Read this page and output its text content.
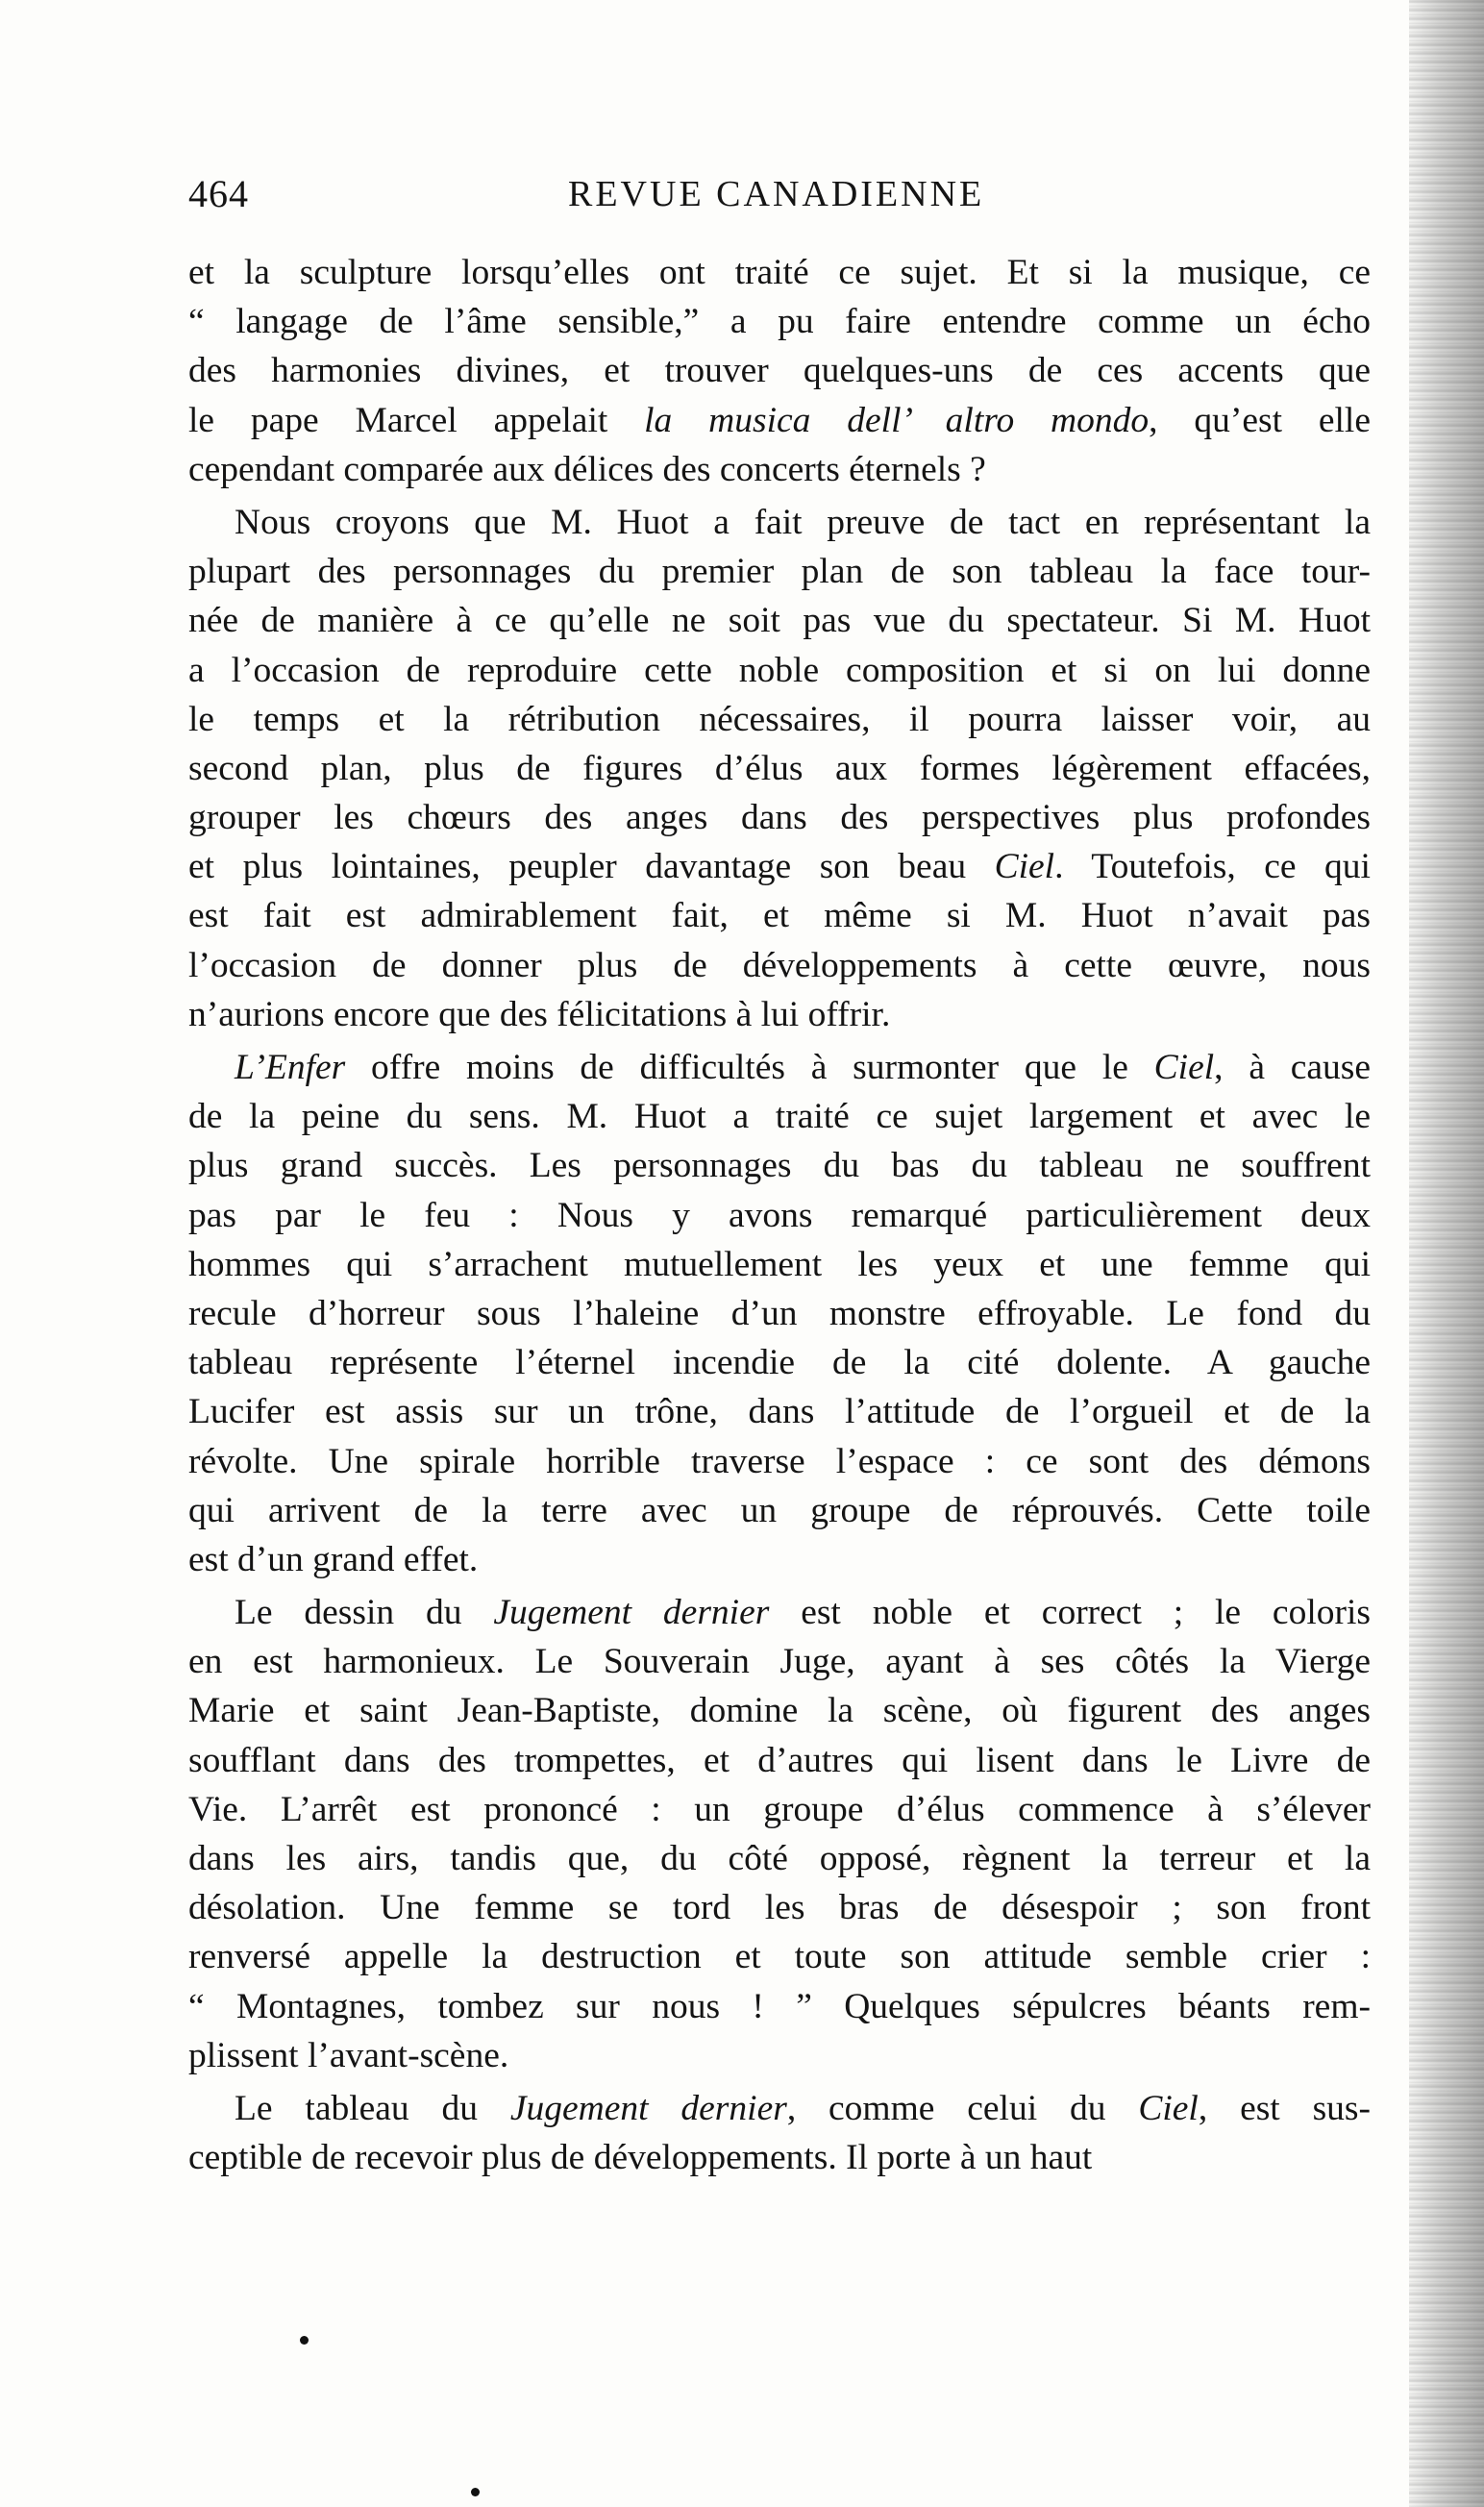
464	REVUE CANADIENNE
et la sculpture lorsqu’elles ont traité ce sujet. Et si la musique, ce
“ langage de l’âme sensible,” a pu faire entendre comme un écho
des harmonies divines, et trouver quelques-uns de ces accents que
le pape Marcel appelait la musica dell’ altro mondo, qu’est elle
cependant comparée aux délices des concerts éternels ?
Nous croyons que M. Huot a fait preuve de tact en représentant la
plupart des personnages du premier plan de son tableau la face tour-
née de manière à ce qu’elle ne soit pas vue du spectateur. Si M. Huot
a l’occasion de reproduire cette noble composition et si on lui donne
le temps et la rétribution nécessaires, il pourra laisser voir, au
second plan, plus de figures d’élus aux formes légèrement effacées,
grouper les chœurs des anges dans des perspectives plus profondes
et plus lointaines, peupler davantage son beau Ciel. Toutefois, ce qui
est fait est admirablement fait, et même si M. Huot n’avait pas
l’occasion de donner plus de développements à cette œuvre, nous
n’aurions encore que des félicitations à lui offrir.
L’Enfer offre moins de difficultés à surmonter que le Ciel, à cause
de la peine du sens. M. Huot a traité ce sujet largement et avec le
plus grand succès. Les personnages du bas du tableau ne souffrent
pas par le feu : Nous y avons remarqué particulièrement deux
hommes qui s’arrachent mutuellement les yeux et une femme qui
recule d’horreur sous l’haleine d’un monstre effroyable. Le fond du
tableau représente l’éternel incendie de la cité dolente. A gauche
Lucifer est assis sur un trône, dans l’attitude de l’orgueil et de la
révolte. Une spirale horrible traverse l’espace : ce sont des démons
qui arrivent de la terre avec un groupe de réprouvés. Cette toile
est d’un grand effet.
Le dessin du Jugement dernier est noble et correct ; le coloris
en est harmonieux. Le Souverain Juge, ayant à ses côtés la Vierge
Marie et saint Jean-Baptiste, domine la scène, où figurent des anges
soufflant dans des trompettes, et d’autres qui lisent dans le Livre de
Vie. L’arrêt est prononcé : un groupe d’élus commence à s’élever
dans les airs, tandis que, du côté opposé, règnent la terreur et la
désolation. Une femme se tord les bras de désespoir ; son front
renversé appelle la destruction et toute son attitude semble crier :
“ Montagnes, tombez sur nous ! ” Quelques sépulcres béants rem-
plissent l’avant-scène.
Le tableau du Jugement dernier, comme celui du Ciel, est sus-
ceptible de recevoir plus de développements. Il porte à un haut
